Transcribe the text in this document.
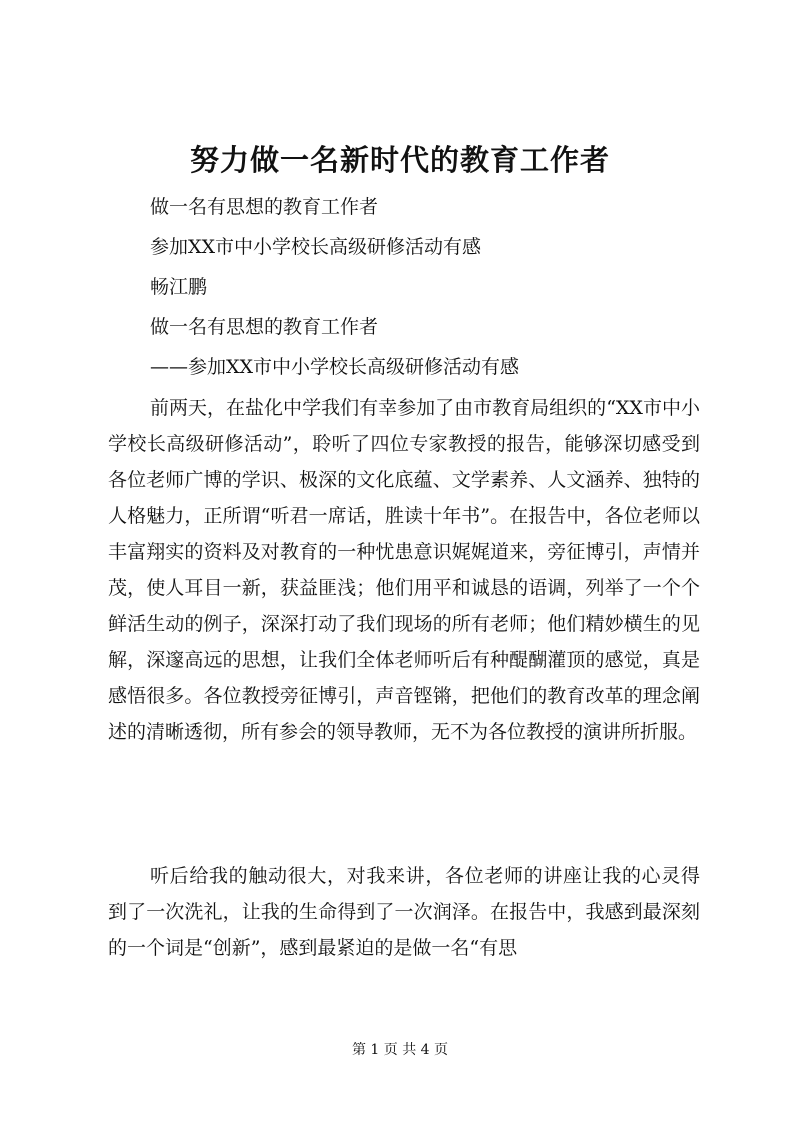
努力做一名新时代的教育工作者
做一名有思想的教育工作者
参加XX市中小学校长高级研修活动有感
畅江鹏
做一名有思想的教育工作者
——参加XX市中小学校长高级研修活动有感

前两天，在盐化中学我们有幸参加了由市教育局组织的“XX市中小学校长高级研修活动”，聆听了四位专家教授的报告，能够深切感受到各位老师广博的学识、极深的文化底蕴、文学素养、人文涵养、独特的人格魅力，正所谓“听君一席话，胜读十年书”。在报告中，各位老师以丰富翔实的资料及对教育的一种忧患意识娓娓道来，旁征博引，声情并茂，使人耳目一新，获益匪浅；他们用平和诚恳的语调，列举了一个个鲜活生动的例子，深深打动了我们现场的所有老师；他们精妙横生的见解，深邃高远的思想，让我们全体老师听后有种醍醐灌顶的感觉，真是感悟很多。各位教授旁征博引，声音铿锵，把他们的教育改革的理念阐述的清晰透彻，所有参会的领导教师，无不为各位教授的演讲所折服。

听后给我的触动很大，对我来讲，各位老师的讲座让我的心灵得到了一次洗礼，让我的生命得到了一次润泽。在报告中，我感到最深刻的一个词是“创新”，感到最紧迫的是做一名“有思

第 1 页 共 4 页
